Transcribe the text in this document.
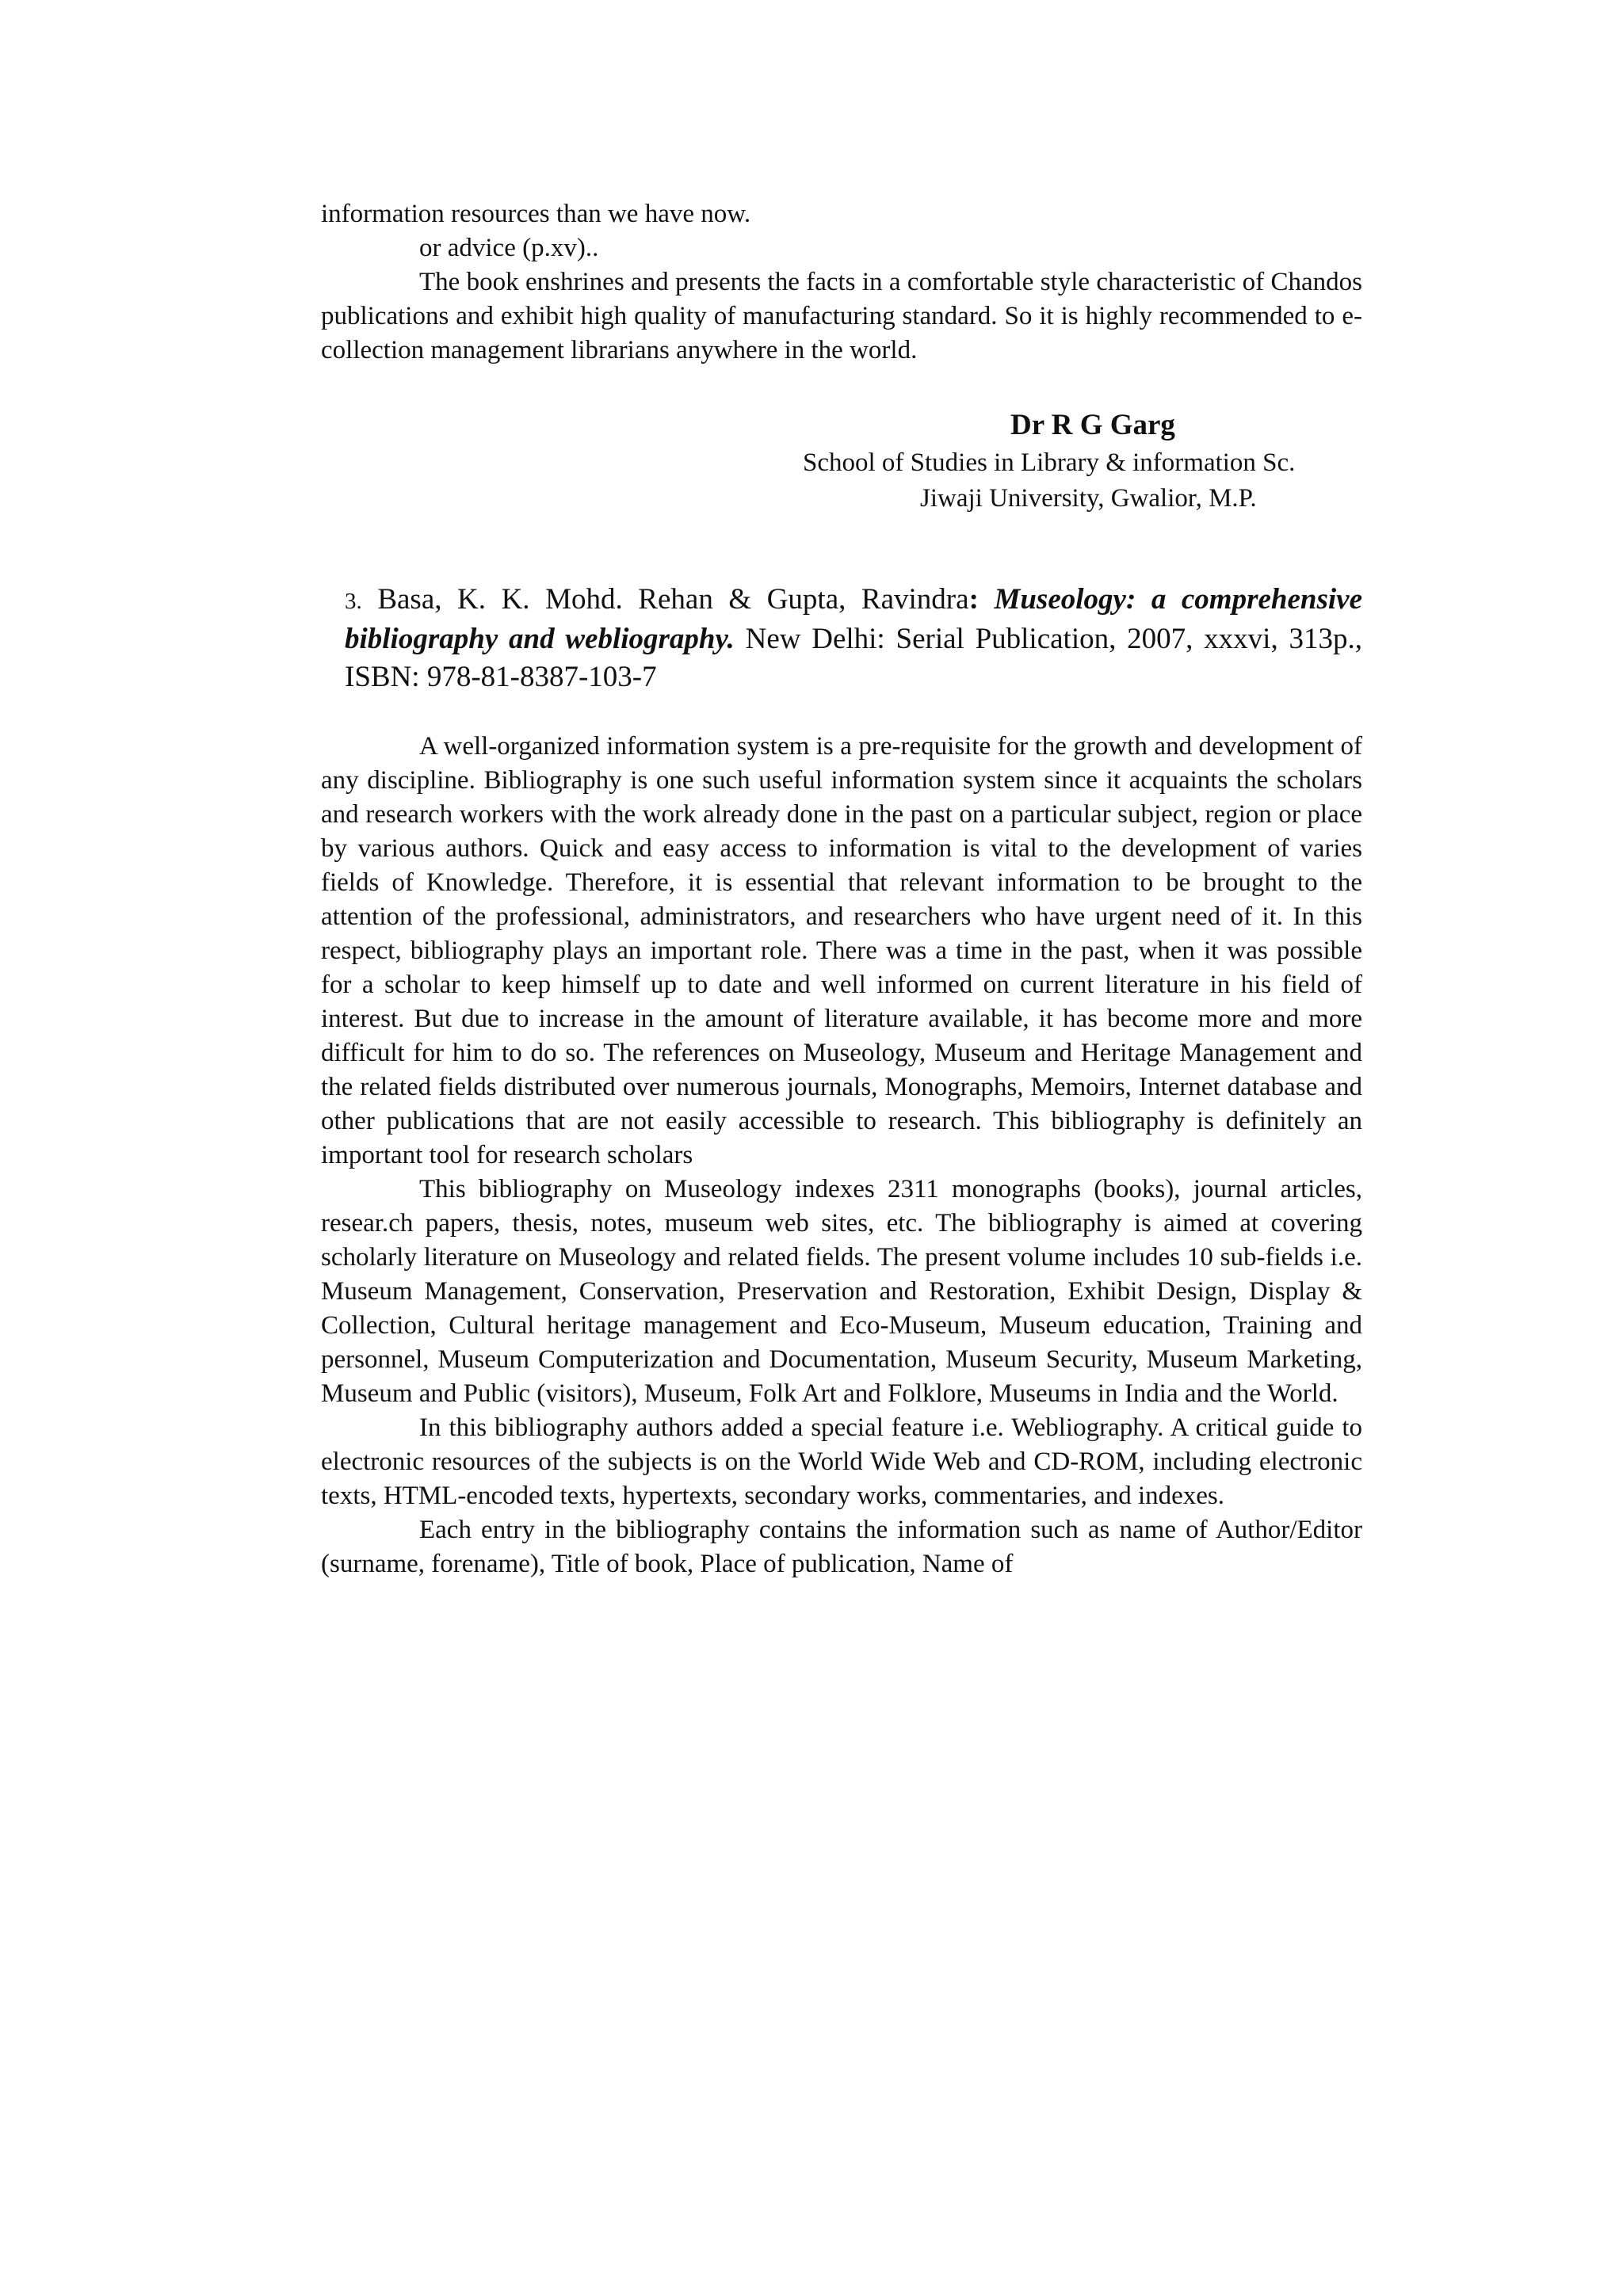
information resources than we have now.
or advice (p.xv)..

The book enshrines and presents the facts in a comfortable style characteristic of Chandos publications and exhibit high quality of manufacturing standard. So it is highly recommended to e-collection management librarians anywhere in the world.

Dr R G Garg
School of Studies in Library & information Sc.
Jiwaji University, Gwalior, M.P.
3. Basa, K. K. Mohd. Rehan & Gupta, Ravindra: Museology: a comprehensive bibliography and webliography. New Delhi: Serial Publication, 2007, xxxvi, 313p., ISBN: 978-81-8387-103-7

A well-organized information system is a pre-requisite for the growth and development of any discipline. Bibliography is one such useful information system since it acquaints the scholars and research workers with the work already done in the past on a particular subject, region or place by various authors. Quick and easy access to information is vital to the development of varies fields of Knowledge. Therefore, it is essential that relevant information to be brought to the attention of the professional, administrators, and researchers who have urgent need of it. In this respect, bibliography plays an important role. There was a time in the past, when it was possible for a scholar to keep himself up to date and well informed on current literature in his field of interest. But due to increase in the amount of literature available, it has become more and more difficult for him to do so. The references on Museology, Museum and Heritage Management and the related fields distributed over numerous journals, Monographs, Memoirs, Internet database and other publications that are not easily accessible to research. This bibliography is definitely an important tool for research scholars

This bibliography on Museology indexes 2311 monographs (books), journal articles, resear.ch papers, thesis, notes, museum web sites, etc. The bibliography is aimed at covering scholarly literature on Museology and related fields. The present volume includes 10 sub-fields i.e. Museum Management, Conservation, Preservation and Restoration, Exhibit Design, Display & Collection, Cultural heritage management and Eco-Museum, Museum education, Training and personnel, Museum Computerization and Documentation, Museum Security, Museum Marketing, Museum and Public (visitors), Museum, Folk Art and Folklore, Museums in India and the World.

In this bibliography authors added a special feature i.e. Webliography. A critical guide to electronic resources of the subjects is on the World Wide Web and CD-ROM, including electronic texts, HTML-encoded texts, hypertexts, secondary works, commentaries, and indexes.

Each entry in the bibliography contains the information such as name of Author/Editor (surname, forename), Title of book, Place of publication, Name of
